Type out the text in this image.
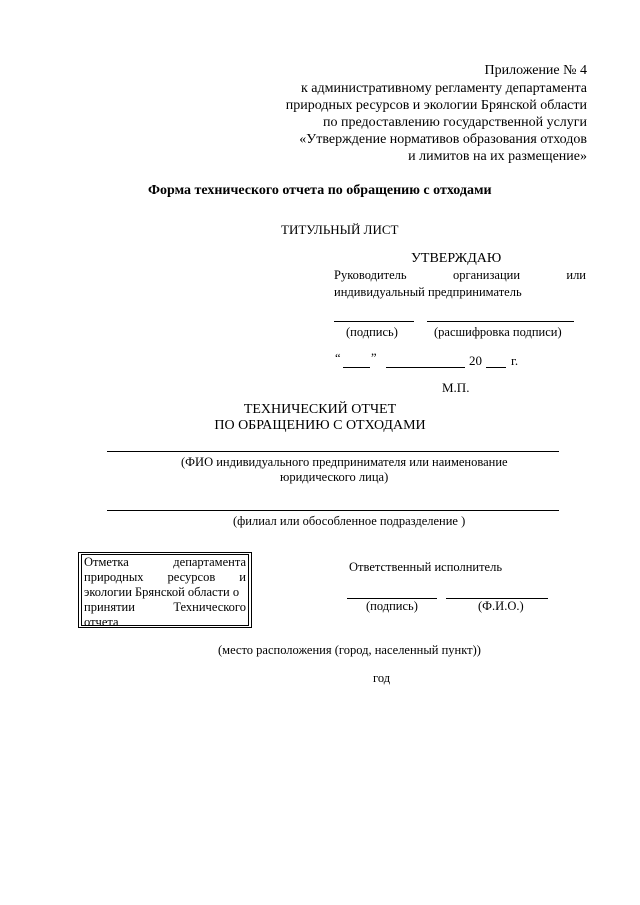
Приложение № 4
к административному регламенту департамента
природных ресурсов и экологии Брянской области
по предоставлению государственной услуги
«Утверждение нормативов образования отходов
и лимитов на их размещение»
Форма технического отчета по обращению с отходами
ТИТУЛЬНЫЙ ЛИСТ
УТВЕРЖДАЮ
Руководитель	организации	или
индивидуальный предприниматель
(подпись)	(расшифровка подписи)
“ ”	20 г.
М.П.
ТЕХНИЧЕСКИЙ ОТЧЕТ
ПО ОБРАЩЕНИЮ С ОТХОДАМИ
(ФИО индивидуального предпринимателя или наименование
юридического лица)
(филиал или обособленное подразделение )
Отметка	департамента
природных ресурсов и
экологии Брянской области о
принятии	Технического
отчета
Ответственный исполнитель
(подпись)	(Ф.И.О.)
(место расположения (город, населенный пункт))
год
